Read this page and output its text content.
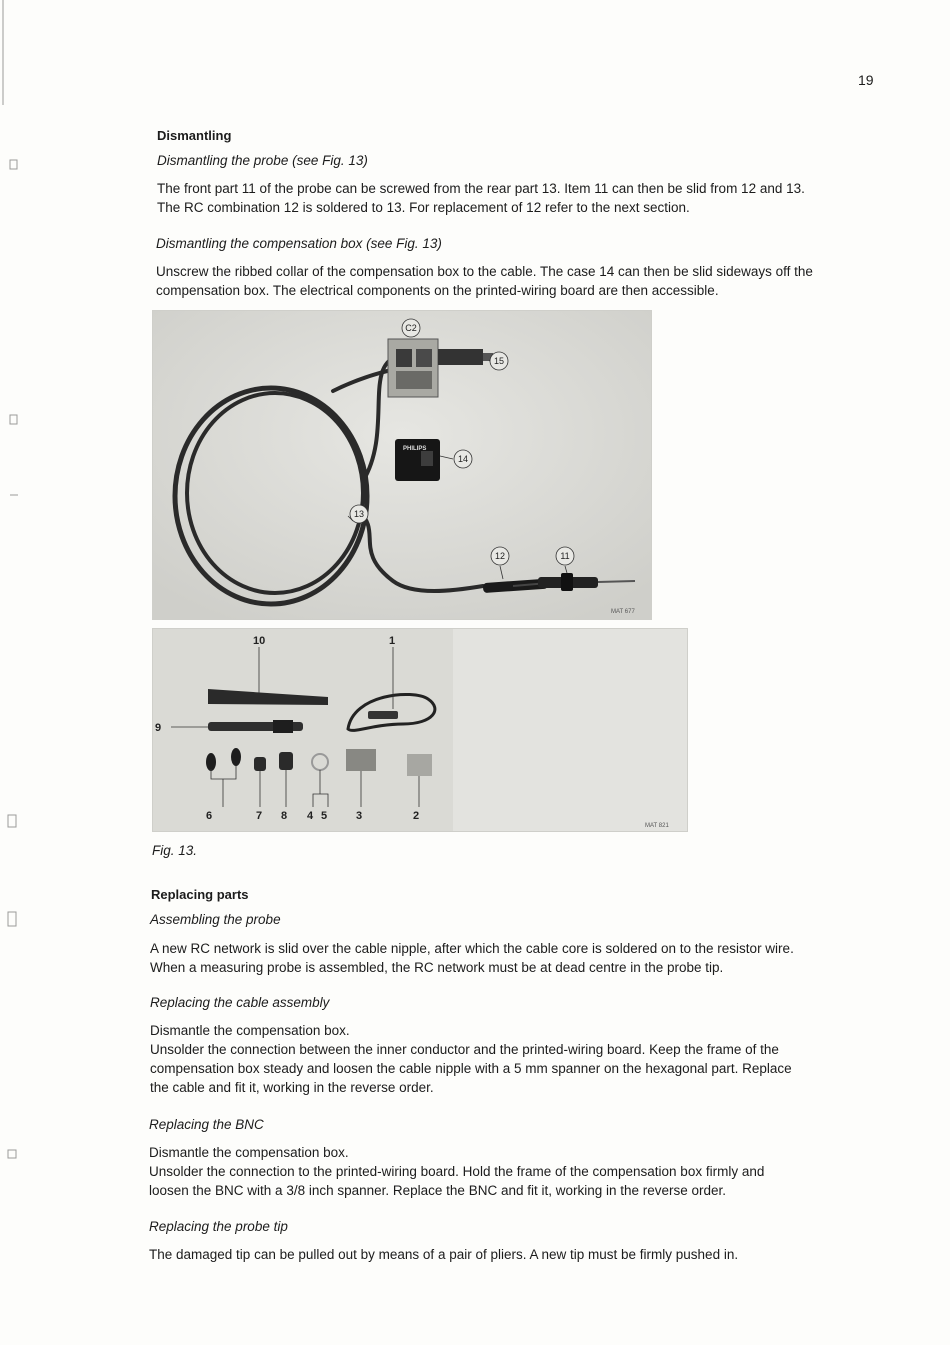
19
Dismantling
Dismantling the probe (see Fig. 13)
The front part 11 of the probe can be screwed from the rear part 13. Item 11 can then be slid from 12 and 13.
The RC combination 12 is soldered to 13. For replacement of 12 refer to the next section.
Dismantling the compensation box (see Fig. 13)
Unscrew the ribbed collar of the compensation box to the cable. The case 14 can then be slid sideways off the
compensation box. The electrical components on the printed-wiring board are then accessible.
PHILIPS
C2
15
14
13
12	11
MAT 677
10	1
9
6	7 8 4 5	3	2
MAT 821
Fig. 13.
Replacing parts
Assembling the probe
A new RC network is slid over the cable nipple, after which the cable core is soldered on to the resistor wire.
When a measuring probe is assembled, the RC network must be at dead centre in the probe tip.
Replacing the cable assembly
Dismantle the compensation box.
Unsolder the connection between the inner conductor and the printed-wiring board. Keep the frame of the
compensation box steady and loosen the cable nipple with a 5 mm spanner on the hexagonal part. Replace
the cable and fit it, working in the reverse order.
Replacing the BNC
Dismantle the compensation box.
Unsolder the connection to the printed-wiring board. Hold the frame of the compensation box firmly and
loosen the BNC with a 3/8 inch spanner. Replace the BNC and fit it, working in the reverse order.
Replacing the probe tip
The damaged tip can be pulled out by means of a pair of pliers. A new tip must be firmly pushed in.
